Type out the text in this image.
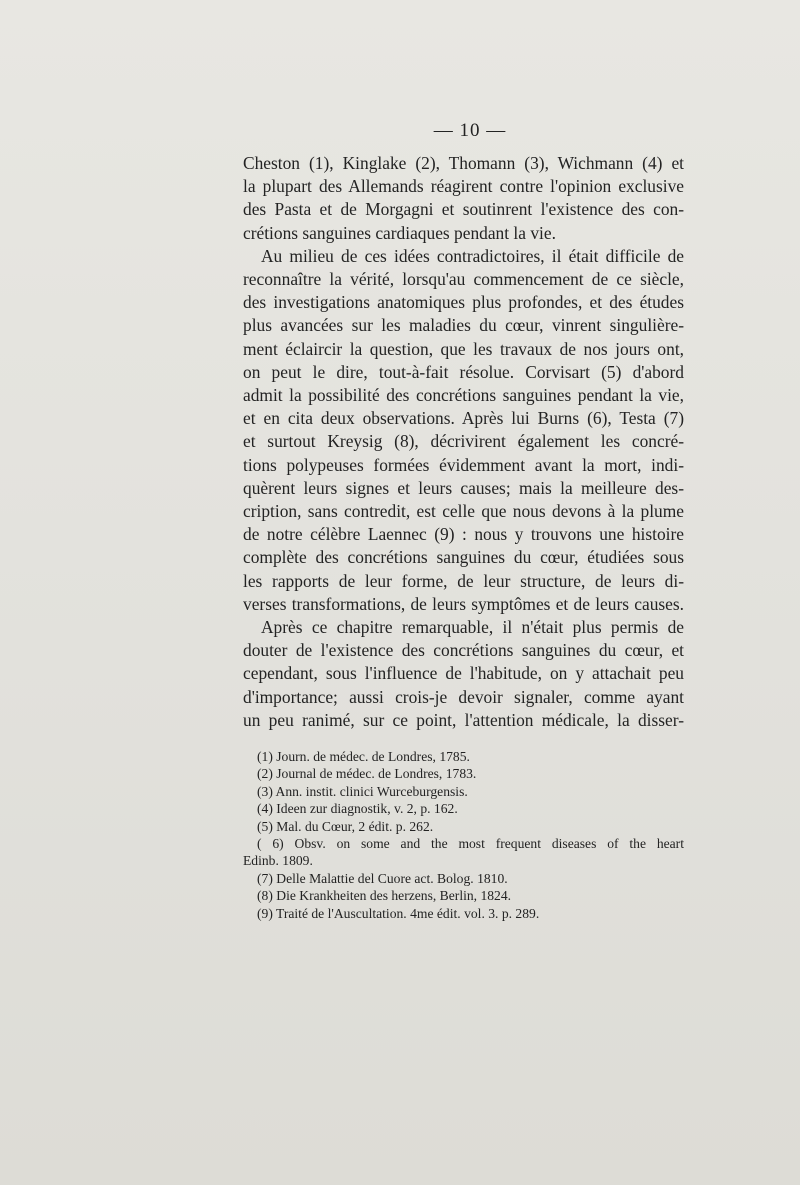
— 10 —

Cheston (1), Kinglake (2), Thomann (3), Wichmann (4) et
la plupart des Allemands réagirent contre l'opinion exclusive
des Pasta et de Morgagni et soutinrent l'existence des con-
crétions sanguines cardiaques pendant la vie.

Au milieu de ces idées contradictoires, il était difficile de
reconnaître la vérité, lorsqu'au commencement de ce siècle,
des investigations anatomiques plus profondes, et des études
plus avancées sur les maladies du cœur, vinrent singulière-
ment éclaircir la question, que les travaux de nos jours ont,
on peut le dire, tout-à-fait résolue. Corvisart (5) d'abord
admit la possibilité des concrétions sanguines pendant la vie,
et en cita deux observations. Après lui Burns (6), Testa (7)
et surtout Kreysig (8), décrivirent également les concré-
tions polypeuses formées évidemment avant la mort, indi-
quèrent leurs signes et leurs causes; mais la meilleure des-
cription, sans contredit, est celle que nous devons à la plume
de notre célèbre Laennec (9) : nous y trouvons une histoire
complète des concrétions sanguines du cœur, étudiées sous
les rapports de leur forme, de leur structure, de leurs di-
verses transformations, de leurs symptômes et de leurs causes.

Après ce chapitre remarquable, il n'était plus permis de
douter de l'existence des concrétions sanguines du cœur, et
cependant, sous l'influence de l'habitude, on y attachait peu
d'importance; aussi crois-je devoir signaler, comme ayant
un peu ranimé, sur ce point, l'attention médicale, la disser-

(1) Journ. de médec. de Londres, 1785.
(2) Journal de médec. de Londres, 1783.
(3) Ann. instit. clinici Wurceburgensis.
(4) Ideen zur diagnostik, v. 2, p. 162.
(5) Mal. du Cœur, 2 édit. p. 262.
( 6) Obsv. on some and the most frequent diseases of the heart
Edinb. 1809.
(7) Delle Malattie del Cuore act. Bolog. 1810.
(8) Die Krankheiten des herzens, Berlin, 1824.
(9) Traité de l'Auscultation. 4me édit. vol. 3. p. 289.
